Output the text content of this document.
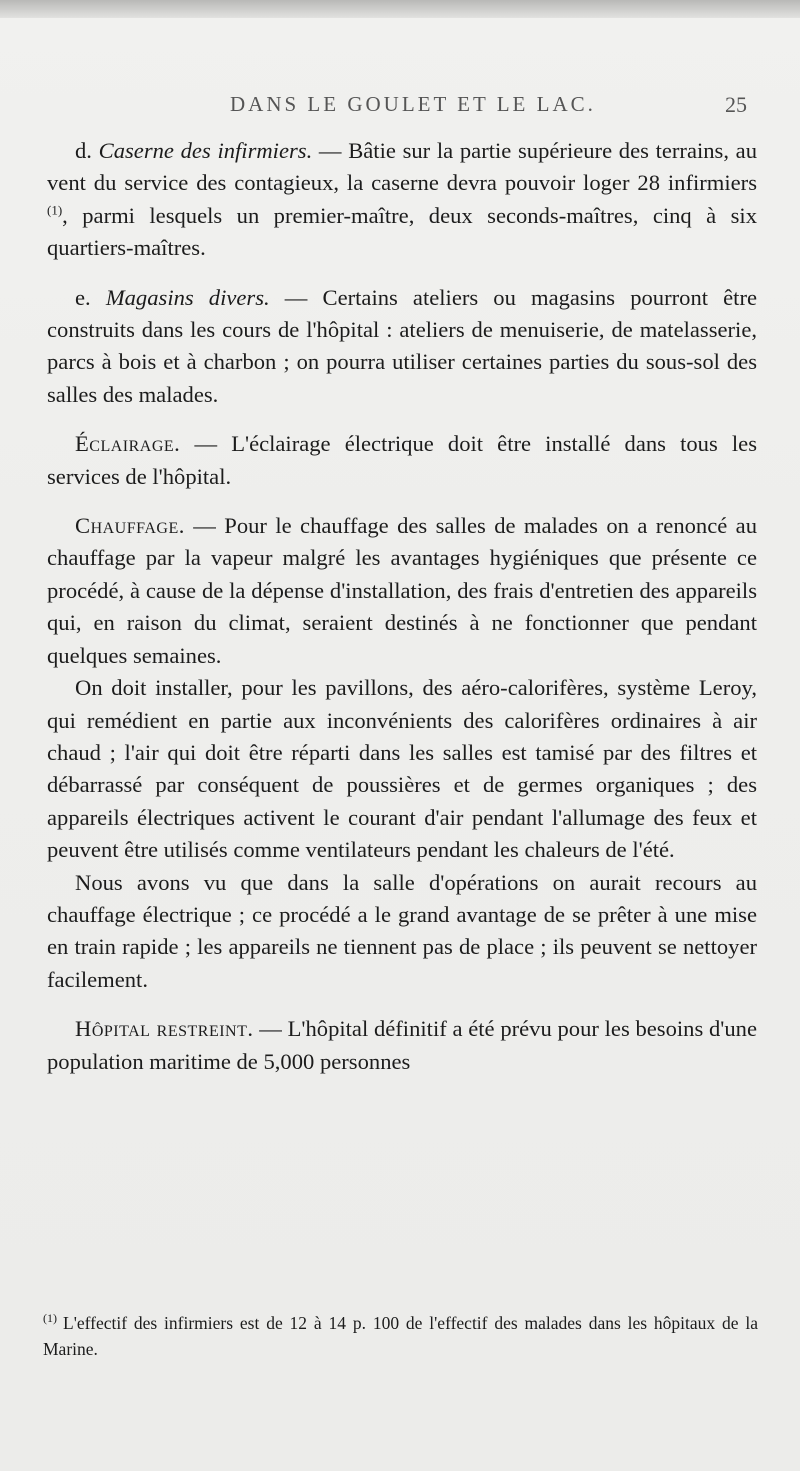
DANS LE GOULET ET LE LAC.	25

d. Caserne des infirmiers. — Bâtie sur la partie supérieure des terrains, au vent du service des contagieux, la caserne devra pouvoir loger 28 infirmiers $^{(1)}$, parmi lesquels un premier-maître, deux seconds-maîtres, cinq à six quartiers-maîtres.

e. Magasins divers. — Certains ateliers ou magasins pourront être construits dans les cours de l'hôpital : ateliers de menuiserie, de matelasserie, parcs à bois et à charbon ; on pourra utiliser certaines parties du sous-sol des salles des malades.

Éclairage. — L'éclairage électrique doit être installé dans tous les services de l'hôpital.

Chauffage. — Pour le chauffage des salles de malades on a renoncé au chauffage par la vapeur malgré les avantages hygiéniques que présente ce procédé, à cause de la dépense d'installation, des frais d'entretien des appareils qui, en raison du climat, seraient destinés à ne fonctionner que pendant quelques semaines.

On doit installer, pour les pavillons, des aéro-calorifères, système Leroy, qui remédient en partie aux inconvénients des calorifères ordinaires à air chaud ; l'air qui doit être réparti dans les salles est tamisé par des filtres et débarrassé par conséquent de poussières et de germes organiques ; des appareils électriques activent le courant d'air pendant l'allumage des feux et peuvent être utilisés comme ventilateurs pendant les chaleurs de l'été.

Nous avons vu que dans la salle d'opérations on aurait recours au chauffage électrique ; ce procédé a le grand avantage de se prêter à une mise en train rapide ; les appareils ne tiennent pas de place ; ils peuvent se nettoyer facilement.

Hôpital restreint. — L'hôpital définitif a été prévu pour les besoins d'une population maritime de 5,000 personnes

$^{(1)}$ L'effectif des infirmiers est de 12 à 14 p. 100 de l'effectif des malades dans les hôpitaux de la Marine.
